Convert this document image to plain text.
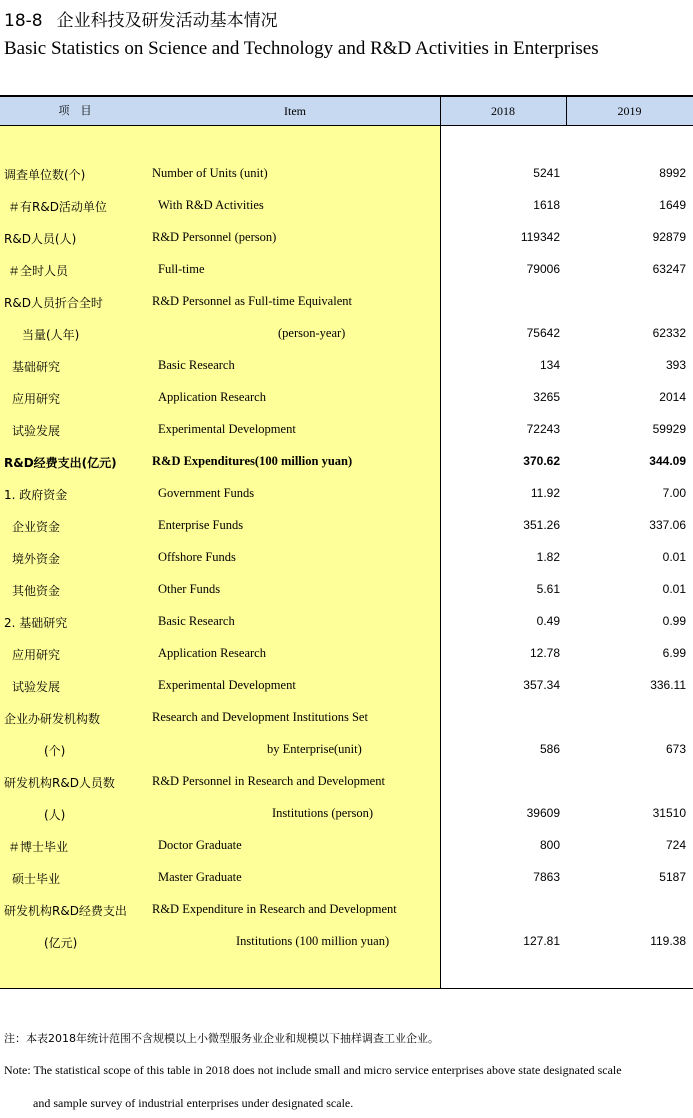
18-8 企业科技及研发活动基本情况
Basic Statistics on Science and Technology and R&D Activities in Enterprises
项　目	Item	2018	2019
调查单位数(个)	Number of Units (unit)	5241	8992
＃有R&D活动单位	With R&D Activities	1618	1649
R&D人员(人)	R&D Personnel (person)	119342	92879
＃全时人员	Full-time	79006	63247
R&D人员折合全时	R&D Personnel as Full-time Equivalent
当量(人年)	(person-year)	75642	62332
基础研究	Basic Research	134	393
应用研究	Application Research	3265	2014
试验发展	Experimental Development	72243	59929
R&D经费支出(亿元)	R&D Expenditures(100 million yuan)	370.62	344.09
1. 政府资金	Government Funds	11.92	7.00
企业资金	Enterprise Funds	351.26	337.06
境外资金	Offshore Funds	1.82	0.01
其他资金	Other Funds	5.61	0.01
2. 基础研究	Basic Research	0.49	0.99
应用研究	Application Research	12.78	6.99
试验发展	Experimental Development	357.34	336.11
企业办研发机构数	Research and Development Institutions Set
(个)	by Enterprise(unit)	586	673
研发机构R&D人员数	R&D Personnel in Research and Development
(人)	Institutions (person)	39609	31510
＃博士毕业	Doctor Graduate	800	724
硕士毕业	Master Graduate	7863	5187
研发机构R&D经费支出 R&D Expenditure in Research and Development
(亿元)	Institutions (100 million yuan)	127.81	119.38
注：本表2018年统计范围不含规模以上小微型服务业企业和规模以下抽样调查工业企业。
Note: The statistical scope of this table in 2018 does not include small and micro service enterprises above state designated scale
and sample survey of industrial enterprises under designated scale.
